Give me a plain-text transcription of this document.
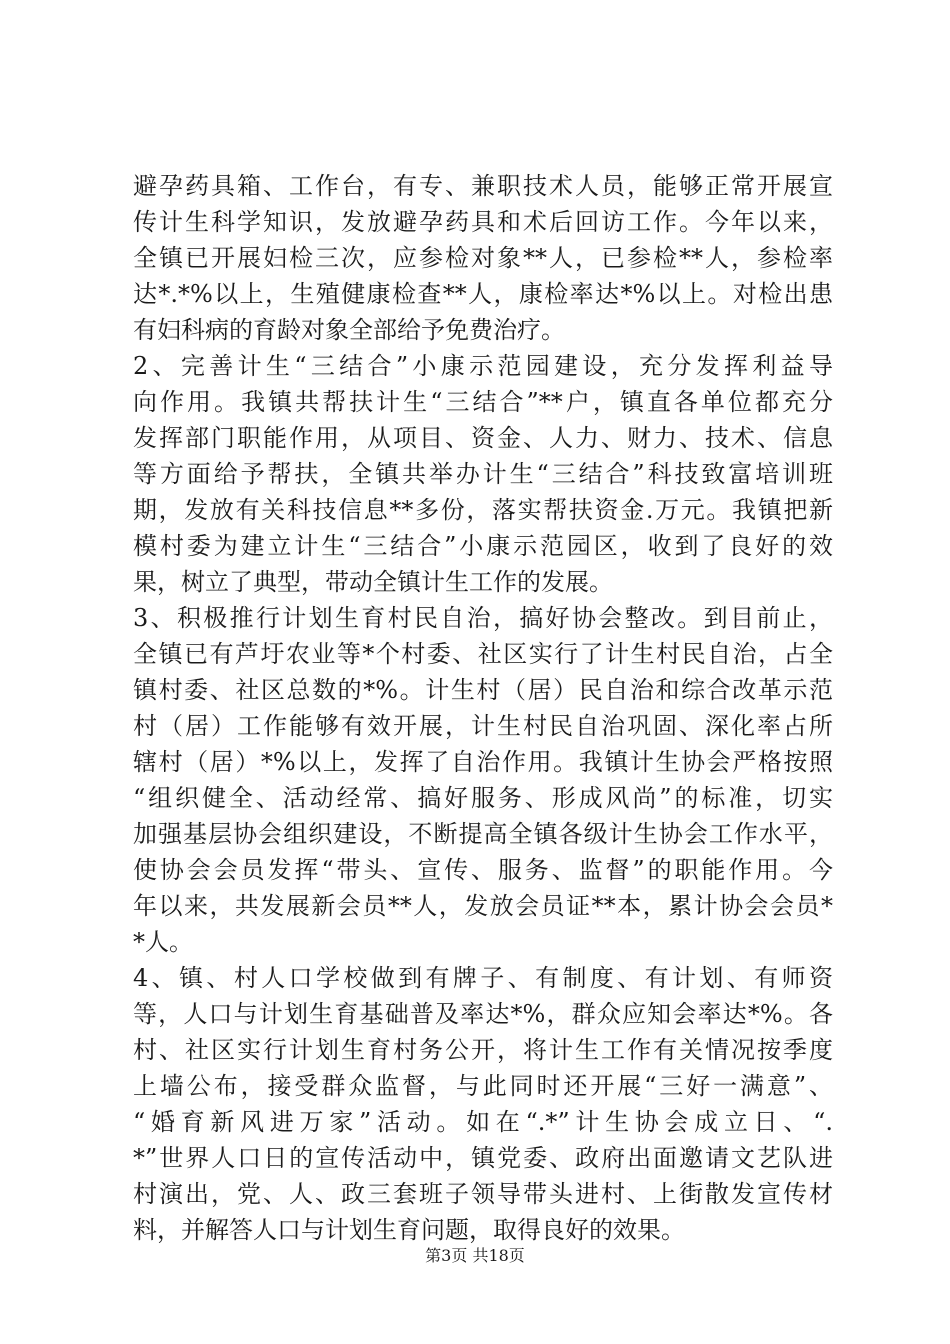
避孕药具箱、工作台，有专、兼职技术人员，能够正常开展宣
传计生科学知识，发放避孕药具和术后回访工作。今年以来，
全镇已开展妇检三次，应参检对象**人，已参检**人，参检率
达*.*%以上，生殖健康检查**人，康检率达*%以上。对检出患
有妇科病的育龄对象全部给予免费治疗。
2、完善计生“三结合”小康示范园建设，充分发挥利益导
向作用。我镇共帮扶计生“三结合”**户，镇直各单位都充分
发挥部门职能作用，从项目、资金、人力、财力、技术、信息
等方面给予帮扶，全镇共举办计生“三结合”科技致富培训班
期，发放有关科技信息**多份，落实帮扶资金.万元。我镇把新
模村委为建立计生“三结合”小康示范园区，收到了良好的效
果，树立了典型，带动全镇计生工作的发展。
3、积极推行计划生育村民自治，搞好协会整改。到目前止，
全镇已有芦圩农业等*个村委、社区实行了计生村民自治，占全
镇村委、社区总数的*%。计生村（居）民自治和综合改革示范
村（居）工作能够有效开展，计生村民自治巩固、深化率占所
辖村（居）*%以上，发挥了自治作用。我镇计生协会严格按照
“组织健全、活动经常、搞好服务、形成风尚”的标准，切实
加强基层协会组织建设，不断提高全镇各级计生协会工作水平，
使协会会员发挥“带头、宣传、服务、监督”的职能作用。今
年以来，共发展新会员**人，发放会员证**本，累计协会会员*
*人。
4、镇、村人口学校做到有牌子、有制度、有计划、有师资
等，人口与计划生育基础普及率达*%，群众应知会率达*%。各
村、社区实行计划生育村务公开，将计生工作有关情况按季度
上墙公布，接受群众监督，与此同时还开展“三好一满意”、
“婚育新风进万家”活动。如在“.*”计生协会成立日、“.
*”世界人口日的宣传活动中，镇党委、政府出面邀请文艺队进
村演出，党、人、政三套班子领导带头进村、上街散发宣传材
料，并解答人口与计划生育问题，取得良好的效果。
第3页 共18页
